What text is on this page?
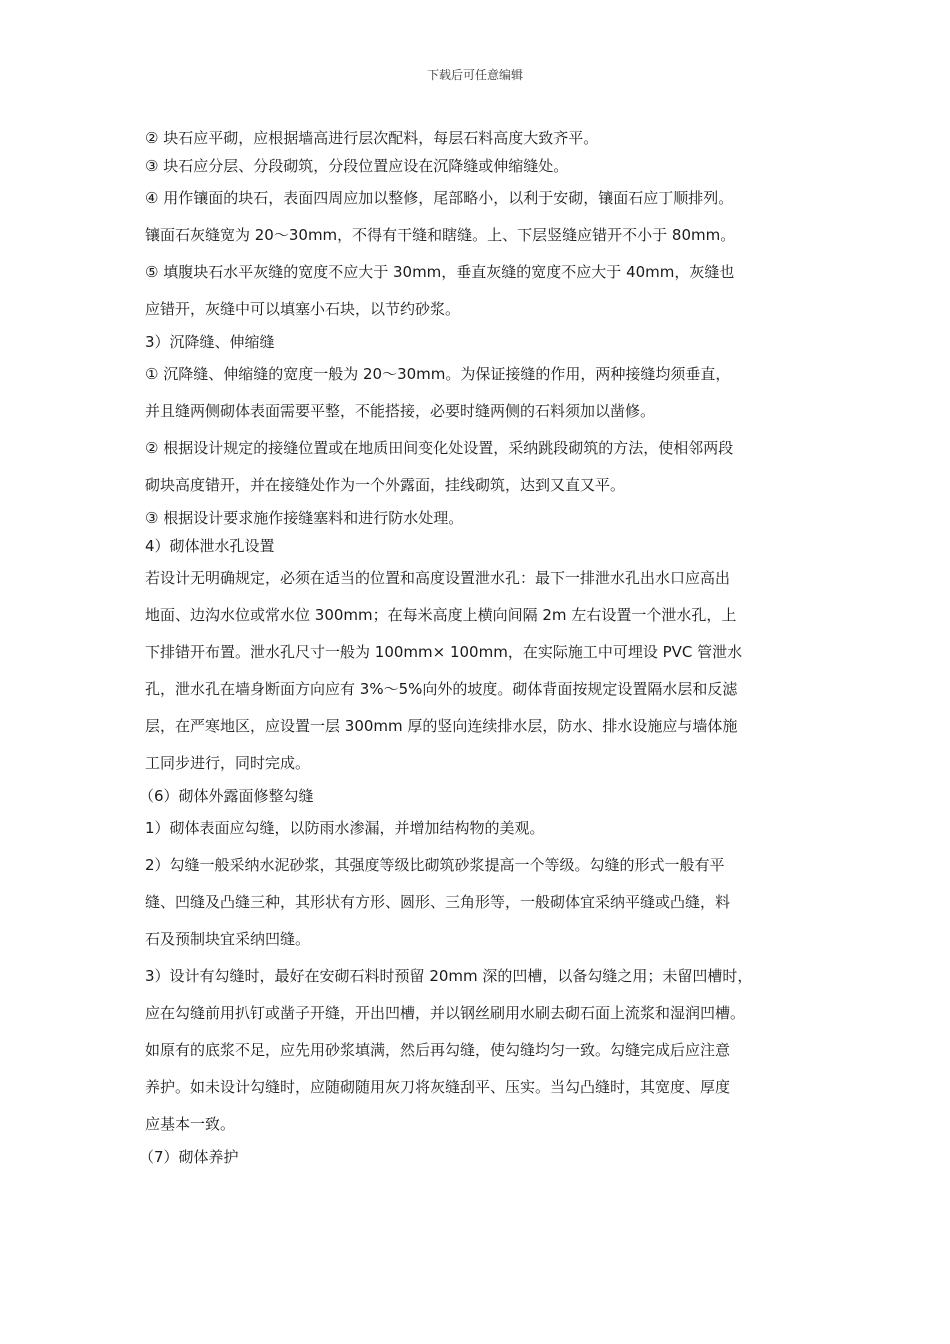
下载后可任意编辑
② 块石应平砌，应根据墙高进行层次配料，每层石料高度大致齐平。
③ 块石应分层、分段砌筑，分段位置应设在沉降缝或伸缩缝处。
④ 用作镶面的块石，表面四周应加以整修，尾部略小，以利于安砌，镶面石应丁顺排列。
镶面石灰缝宽为 20～30mm，不得有干缝和瞎缝。上、下层竖缝应错开不小于 80mm。
⑤ 填腹块石水平灰缝的宽度不应大于 30mm，垂直灰缝的宽度不应大于 40mm，灰缝也
应错开，灰缝中可以填塞小石块，以节约砂浆。
3）沉降缝、伸缩缝
① 沉降缝、伸缩缝的宽度一般为 20～30mm。为保证接缝的作用，两种接缝均须垂直，
并且缝两侧砌体表面需要平整，不能搭接，必要时缝两侧的石料须加以凿修。
② 根据设计规定的接缝位置或在地质田间变化处设置，采纳跳段砌筑的方法，使相邻两段
砌块高度错开，并在接缝处作为一个外露面，挂线砌筑，达到又直又平。
③ 根据设计要求施作接缝塞料和进行防水处理。
4）砌体泄水孔设置
若设计无明确规定，必须在适当的位置和高度设置泄水孔：最下一排泄水孔出水口应高出
地面、边沟水位或常水位 300mm；在每米高度上横向间隔 2m 左右设置一个泄水孔，上
下排错开布置。泄水孔尺寸一般为 100mm× 100mm，在实际施工中可埋设 PVC 管泄水
孔，泄水孔在墙身断面方向应有 3%～5%向外的坡度。砌体背面按规定设置隔水层和反滤
层，在严寒地区，应设置一层 300mm 厚的竖向连续排水层，防水、排水设施应与墙体施
工同步进行，同时完成。
（6）砌体外露面修整勾缝
1）砌体表面应勾缝，以防雨水渗漏，并增加结构物的美观。
2）勾缝一般采纳水泥砂浆，其强度等级比砌筑砂浆提高一个等级。勾缝的形式一般有平
缝、凹缝及凸缝三种，其形状有方形、圆形、三角形等，一般砌体宜采纳平缝或凸缝，料
石及预制块宜采纳凹缝。
3）设计有勾缝时，最好在安砌石料时预留 20mm 深的凹槽，以备勾缝之用；未留凹槽时，
应在勾缝前用扒钉或凿子开缝，开出凹槽，并以钢丝刷用水刷去砌石面上流浆和湿润凹槽。
如原有的底浆不足，应先用砂浆填满，然后再勾缝，使勾缝均匀一致。勾缝完成后应注意
养护。如未设计勾缝时，应随砌随用灰刀将灰缝刮平、压实。当勾凸缝时，其宽度、厚度
应基本一致。
（7）砌体养护
